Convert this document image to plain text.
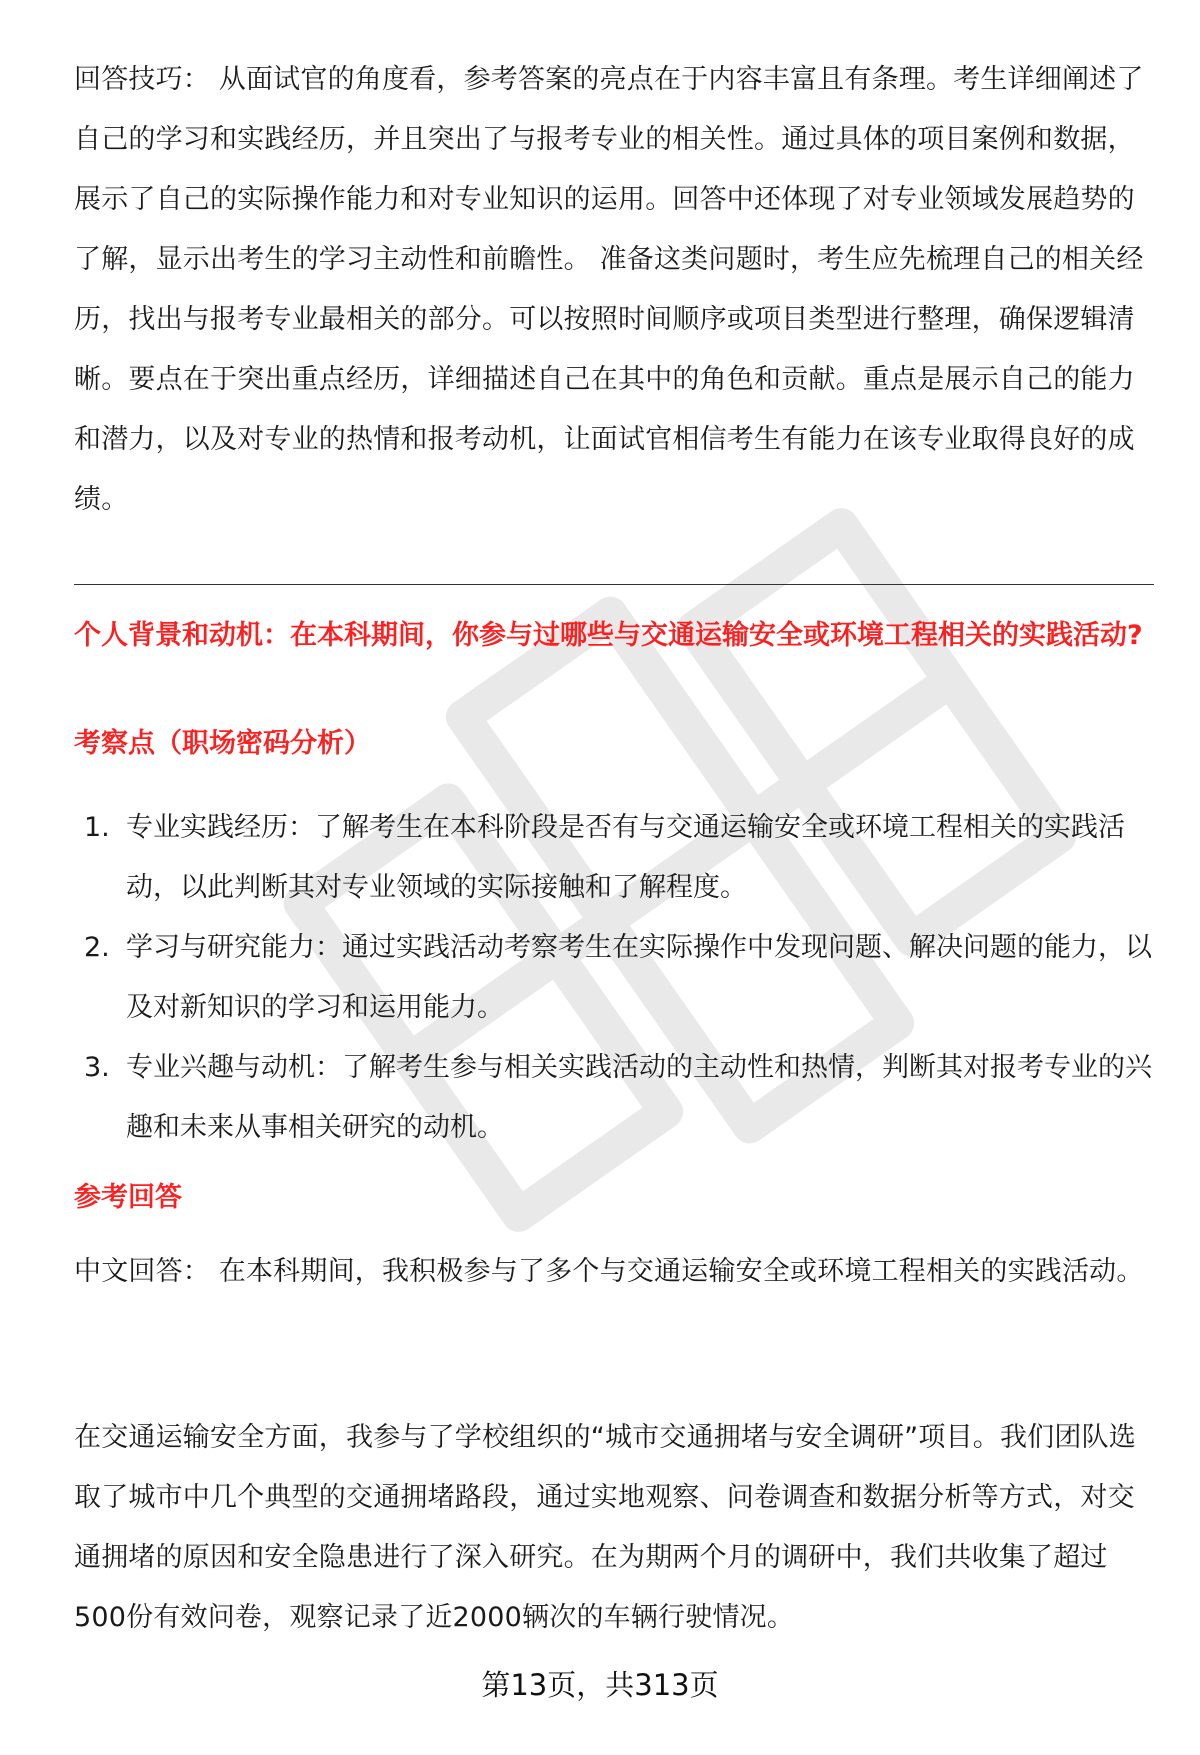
回答技巧： 从面试官的角度看，参考答案的亮点在于内容丰富且有条理。考生详细阐述了自己的学习和实践经历，并且突出了与报考专业的相关性。通过具体的项目案例和数据，展示了自己的实际操作能力和对专业知识的运用。回答中还体现了对专业领域发展趋势的了解，显示出考生的学习主动性和前瞻性。 准备这类问题时，考生应先梳理自己的相关经历，找出与报考专业最相关的部分。可以按照时间顺序或项目类型进行整理，确保逻辑清晰。要点在于突出重点经历，详细描述自己在其中的角色和贡献。重点是展示自己的能力和潜力，以及对专业的热情和报考动机，让面试官相信考生有能力在该专业取得良好的成绩。

个人背景和动机：在本科期间，你参与过哪些与交通运输安全或环境工程相关的实践活动?
考察点（职场密码分析）
1. 专业实践经历：了解考生在本科阶段是否有与交通运输安全或环境工程相关的实践活动，以此判断其对专业领域的实际接触和了解程度。
2. 学习与研究能力：通过实践活动考察考生在实际操作中发现问题、解决问题的能力，以及对新知识的学习和运用能力。
3. 专业兴趣与动机：了解考生参与相关实践活动的主动性和热情，判断其对报考专业的兴趣和未来从事相关研究的动机。
参考回答

中文回答： 在本科期间，我积极参与了多个与交通运输安全或环境工程相关的实践活动。

在交通运输安全方面，我参与了学校组织的“城市交通拥堵与安全调研”项目。我们团队选取了城市中几个典型的交通拥堵路段，通过实地观察、问卷调查和数据分析等方式，对交通拥堵的原因和安全隐患进行了深入研究。在为期两个月的调研中，我们共收集了超过500份有效问卷，观察记录了近2000辆次的车辆行驶情况。

第13页，共313页
